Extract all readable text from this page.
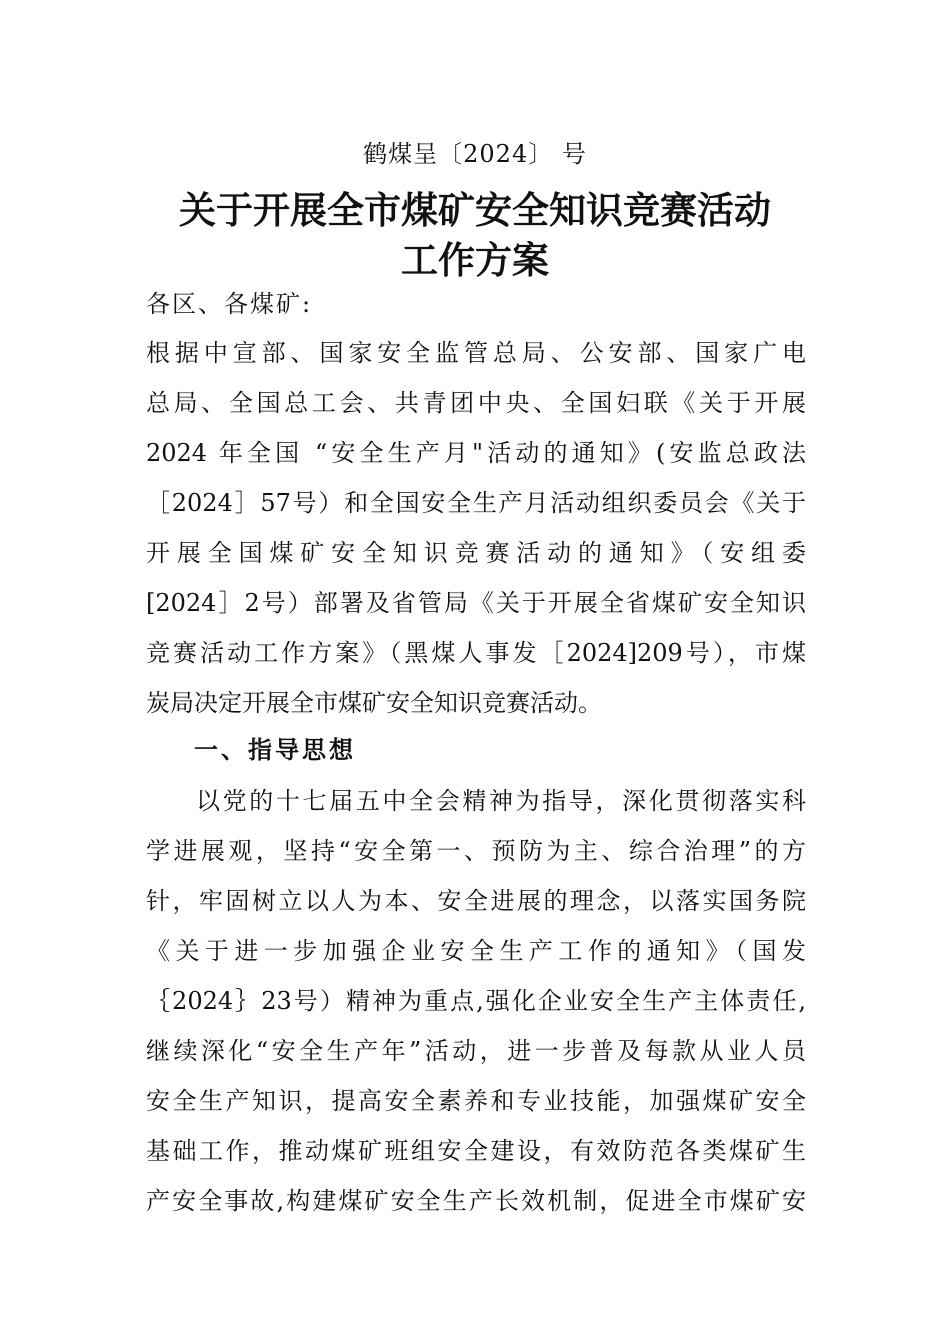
鹤煤呈〔2024〕 号
关于开展全市煤矿安全知识竞赛活动
工作方案
各区、各煤矿:
根据中宣部、国家安全监管总局、公安部、国家广电
总局、全国总工会、共青团中央、全国妇联《关于开展
2024 年全国 “安全生产月"活动的通知》(安监总政法
［2024］57号）和全国安全生产月活动组织委员会《关于
开展全国煤矿安全知识竞赛活动的通知》（安组委
[2024］2号）部署及省管局《关于开展全省煤矿安全知识
竞赛活动工作方案》（黑煤人事发［2024]209号），市煤
炭局决定开展全市煤矿安全知识竞赛活动。
一、指导思想
以党的十七届五中全会精神为指导，深化贯彻落实科
学进展观，坚持“安全第一、预防为主、综合治理”的方
针，牢固树立以人为本、安全进展的理念，以落实国务院
《关于进一步加强企业安全生产工作的通知》（国发
｛2024｝23号）精神为重点,强化企业安全生产主体责任,
继续深化“安全生产年”活动，进一步普及每款从业人员
安全生产知识，提高安全素养和专业技能，加强煤矿安全
基础工作，推动煤矿班组安全建设，有效防范各类煤矿生
产安全事故,构建煤矿安全生产长效机制，促进全市煤矿安
